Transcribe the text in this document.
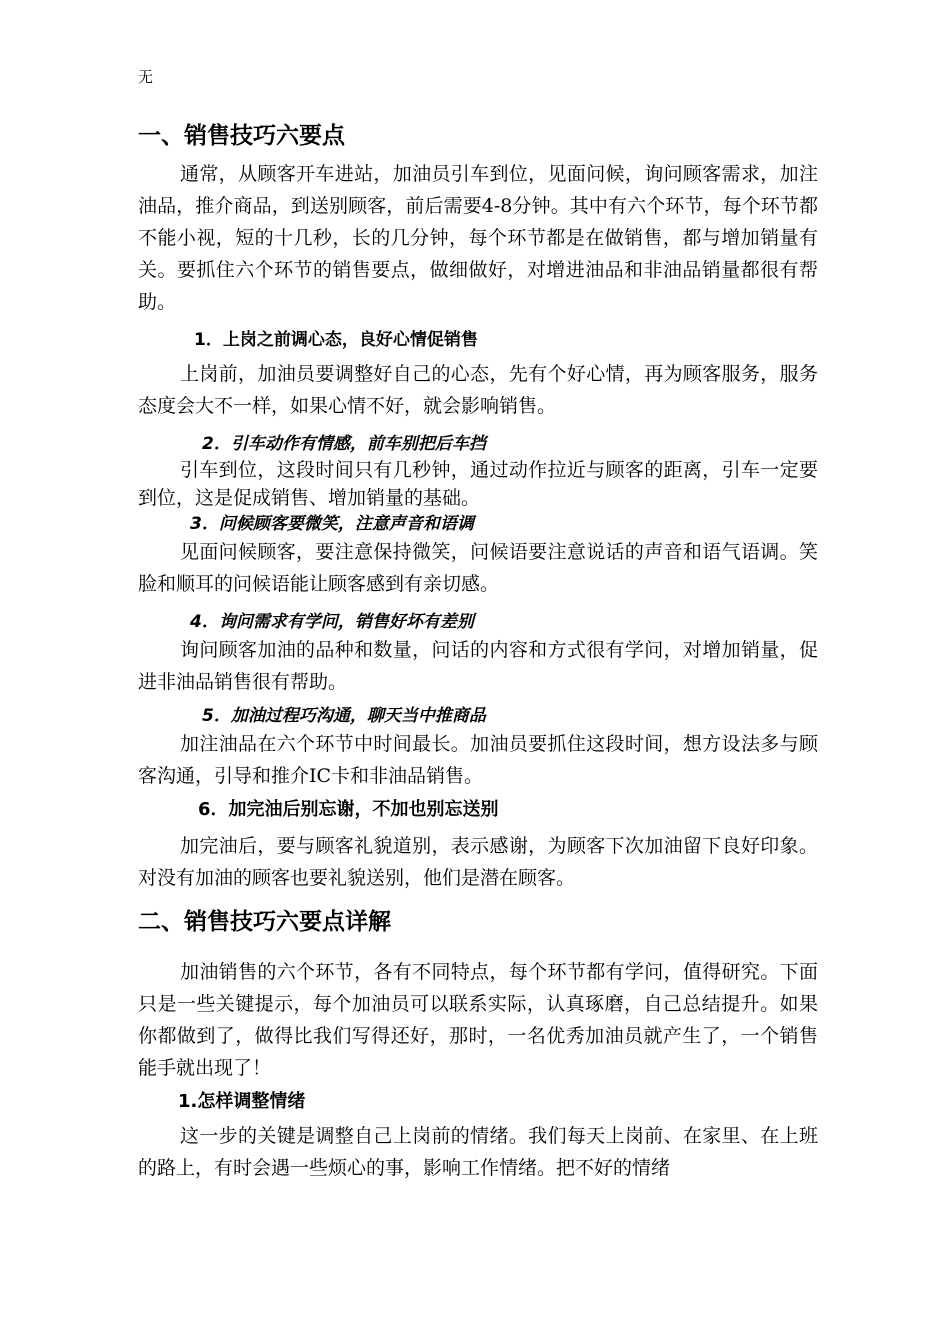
无
一、销售技巧六要点

通常，从顾客开车进站，加油员引车到位，见面问候，询问顾客需求，加注油品，推介商品，到送别顾客，前后需要4-8分钟。其中有六个环节，每个环节都不能小视，短的十几秒，长的几分钟，每个环节都是在做销售，都与增加销量有关。要抓住六个环节的销售要点，做细做好，对增进油品和非油品销量都很有帮助。

1．上岗之前调心态，良好心情促销售

上岗前，加油员要调整好自己的心态，先有个好心情，再为顾客服务，服务态度会大不一样，如果心情不好，就会影响销售。

2．引车动作有情感，前车别把后车挡

引车到位，这段时间只有几秒钟，通过动作拉近与顾客的距离，引车一定要到位，这是促成销售、增加销量的基础。

3．问候顾客要微笑，注意声音和语调

见面问候顾客，要注意保持微笑，问候语要注意说话的声音和语气语调。笑脸和顺耳的问候语能让顾客感到有亲切感。

4．询问需求有学问，销售好坏有差别

询问顾客加油的品种和数量，问话的内容和方式很有学问，对增加销量，促进非油品销售很有帮助。

5．加油过程巧沟通，聊天当中推商品

加注油品在六个环节中时间最长。加油员要抓住这段时间，想方设法多与顾客沟通，引导和推介IC卡和非油品销售。

6．加完油后别忘谢，不加也别忘送别

加完油后，要与顾客礼貌道别，表示感谢，为顾客下次加油留下良好印象。对没有加油的顾客也要礼貌送别，他们是潜在顾客。

二、销售技巧六要点详解

加油销售的六个环节，各有不同特点，每个环节都有学问，值得研究。下面只是一些关键提示，每个加油员可以联系实际，认真琢磨，自己总结提升。如果你都做到了，做得比我们写得还好，那时，一名优秀加油员就产生了，一个销售能手就出现了！

1.怎样调整情绪

这一步的关键是调整自己上岗前的情绪。我们每天上岗前、在家里、在上班的路上，有时会遇一些烦心的事，影响工作情绪。把不好的情绪
